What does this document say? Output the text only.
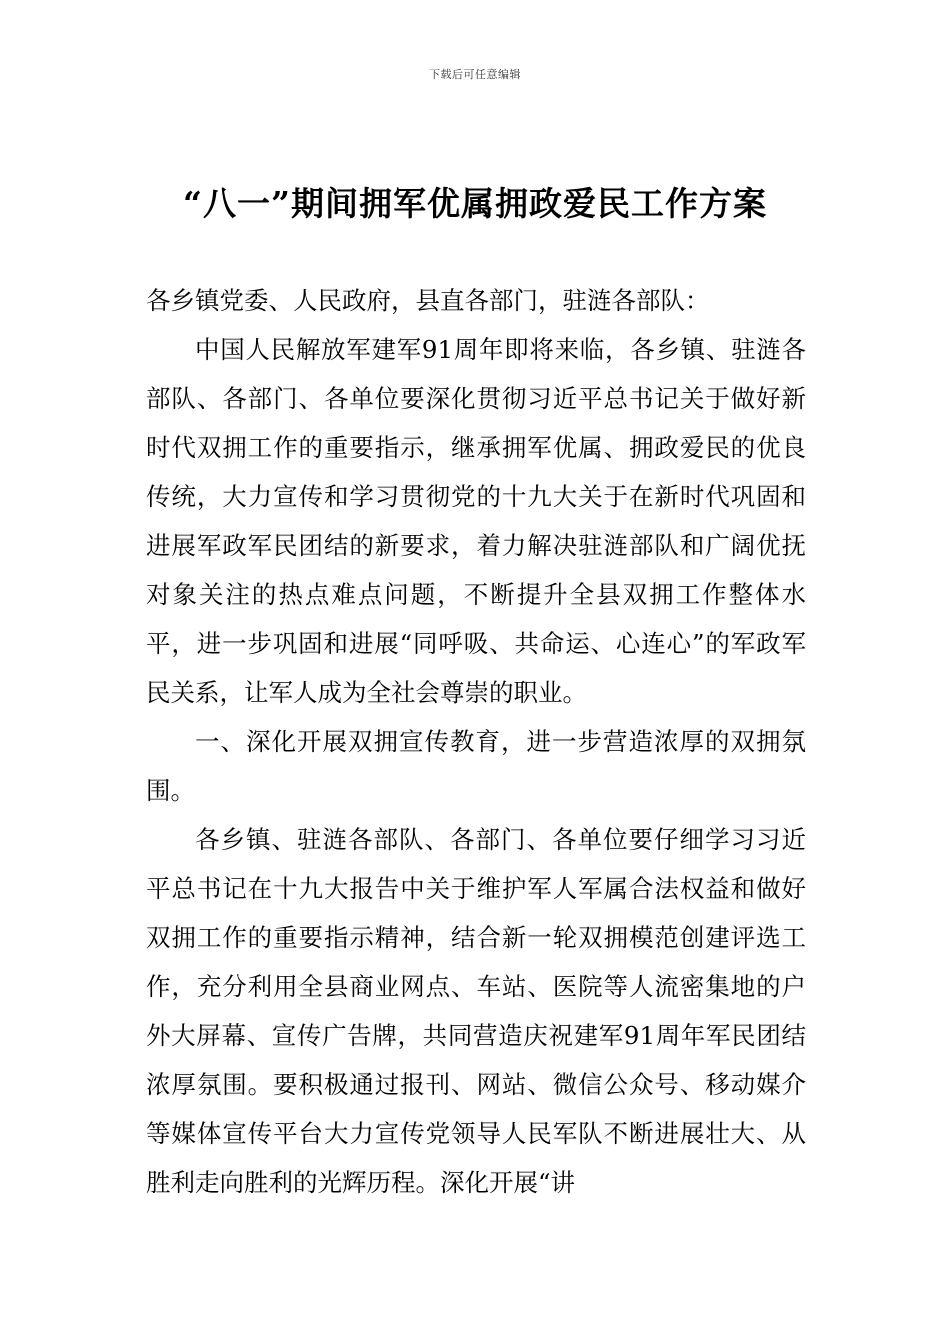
下载后可任意编辑
“八一”期间拥军优属拥政爱民工作方案

各乡镇党委、人民政府，县直各部门，驻涟各部队：

中国人民解放军建军91周年即将来临，各乡镇、驻涟各部队、各部门、各单位要深化贯彻习近平总书记关于做好新时代双拥工作的重要指示，继承拥军优属、拥政爱民的优良传统，大力宣传和学习贯彻党的十九大关于在新时代巩固和进展军政军民团结的新要求，着力解决驻涟部队和广阔优抚对象关注的热点难点问题，不断提升全县双拥工作整体水平，进一步巩固和进展“同呼吸、共命运、心连心”的军政军民关系，让军人成为全社会尊崇的职业。

一、深化开展双拥宣传教育，进一步营造浓厚的双拥氛围。

各乡镇、驻涟各部队、各部门、各单位要仔细学习习近平总书记在十九大报告中关于维护军人军属合法权益和做好双拥工作的重要指示精神，结合新一轮双拥模范创建评选工作，充分利用全县商业网点、车站、医院等人流密集地的户外大屏幕、宣传广告牌，共同营造庆祝建军91周年军民团结浓厚氛围。要积极通过报刊、网站、微信公众号、移动媒介等媒体宣传平台大力宣传党领导人民军队不断进展壮大、从胜利走向胜利的光辉历程。深化开展“讲
